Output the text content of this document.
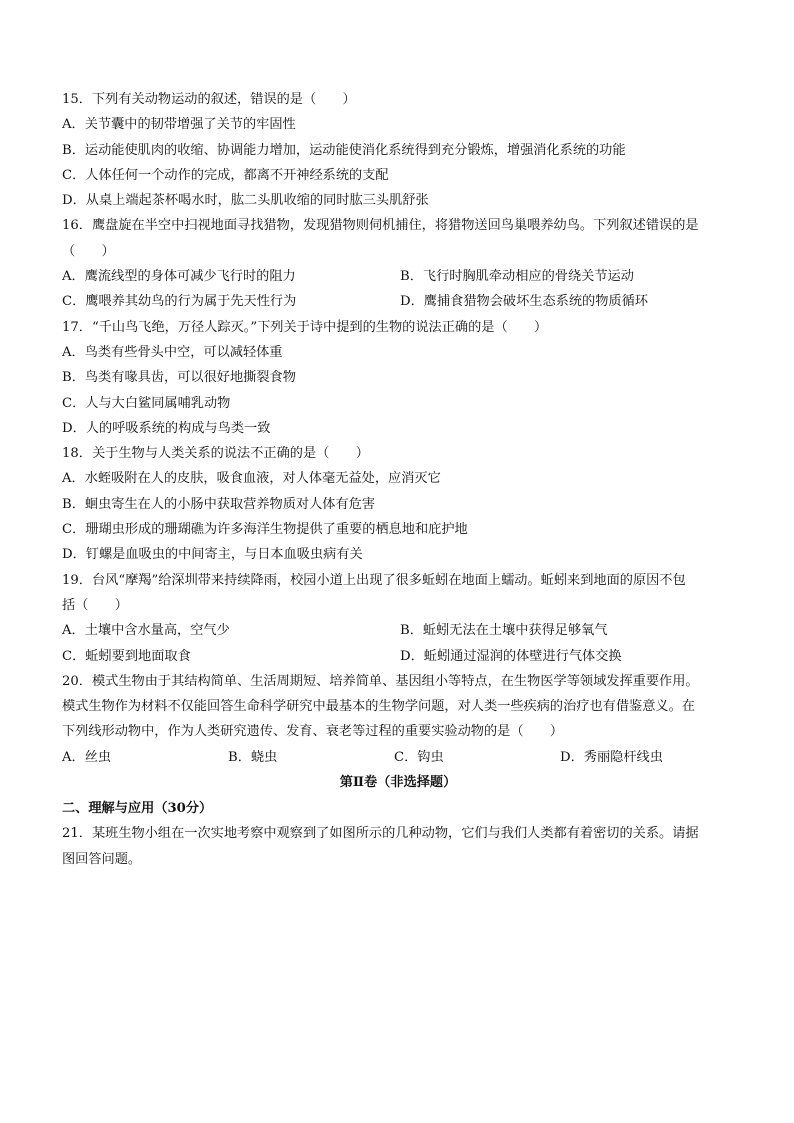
15．下列有关动物运动的叙述，错误的是（　　）
A．关节囊中的韧带增强了关节的牢固性
B．运动能使肌肉的收缩、协调能力增加，运动能使消化系统得到充分锻炼，增强消化系统的功能
C．人体任何一个动作的完成，都离不开神经系统的支配
D．从桌上端起茶杯喝水时，肱二头肌收缩的同时肱三头肌舒张
16．鹰盘旋在半空中扫视地面寻找猎物，发现猎物则伺机捕住，将猎物送回鸟巢喂养幼鸟。下列叙述错误的是
（　　）
A．鹰流线型的身体可减少飞行时的阻力	B．飞行时胸肌牵动相应的骨绕关节运动
C．鹰喂养其幼鸟的行为属于先天性行为	D．鹰捕食猎物会破坏生态系统的物质循环
17．“千山鸟飞绝，万径人踪灭。”下列关于诗中提到的生物的说法正确的是（　　）
A．鸟类有些骨头中空，可以减轻体重
B．鸟类有喙具齿，可以很好地撕裂食物
C．人与大白鲨同属哺乳动物
D．人的呼吸系统的构成与鸟类一致
18．关于生物与人类关系的说法不正确的是（　　）
A．水蛭吸附在人的皮肤，吸食血液，对人体毫无益处，应消灭它
B．蛔虫寄生在人的小肠中获取营养物质对人体有危害
C．珊瑚虫形成的珊瑚礁为许多海洋生物提供了重要的栖息地和庇护地
D．钉螺是血吸虫的中间寄主，与日本血吸虫病有关
19．台风“摩羯”给深圳带来持续降雨，校园小道上出现了很多蚯蚓在地面上蠕动。蚯蚓来到地面的原因不包
括（　　）
A．土壤中含水量高，空气少	B．蚯蚓无法在土壤中获得足够氧气
C．蚯蚓要到地面取食	D．蚯蚓通过湿润的体壁进行气体交换
20．模式生物由于其结构简单、生活周期短、培养简单、基因组小等特点，在生物医学等领域发挥重要作用。
模式生物作为材料不仅能回答生命科学研究中最基本的生物学问题，对人类一些疾病的治疗也有借鉴意义。在
下列线形动物中，作为人类研究遗传、发育、衰老等过程的重要实验动物的是（　　）
A．丝虫	B．蛲虫	C．钩虫	D．秀丽隐杆线虫
第Ⅱ卷（非选择题）
二、理解与应用（30分）
21．某班生物小组在一次实地考察中观察到了如图所示的几种动物，它们与我们人类都有着密切的关系。请据
图回答问题。
